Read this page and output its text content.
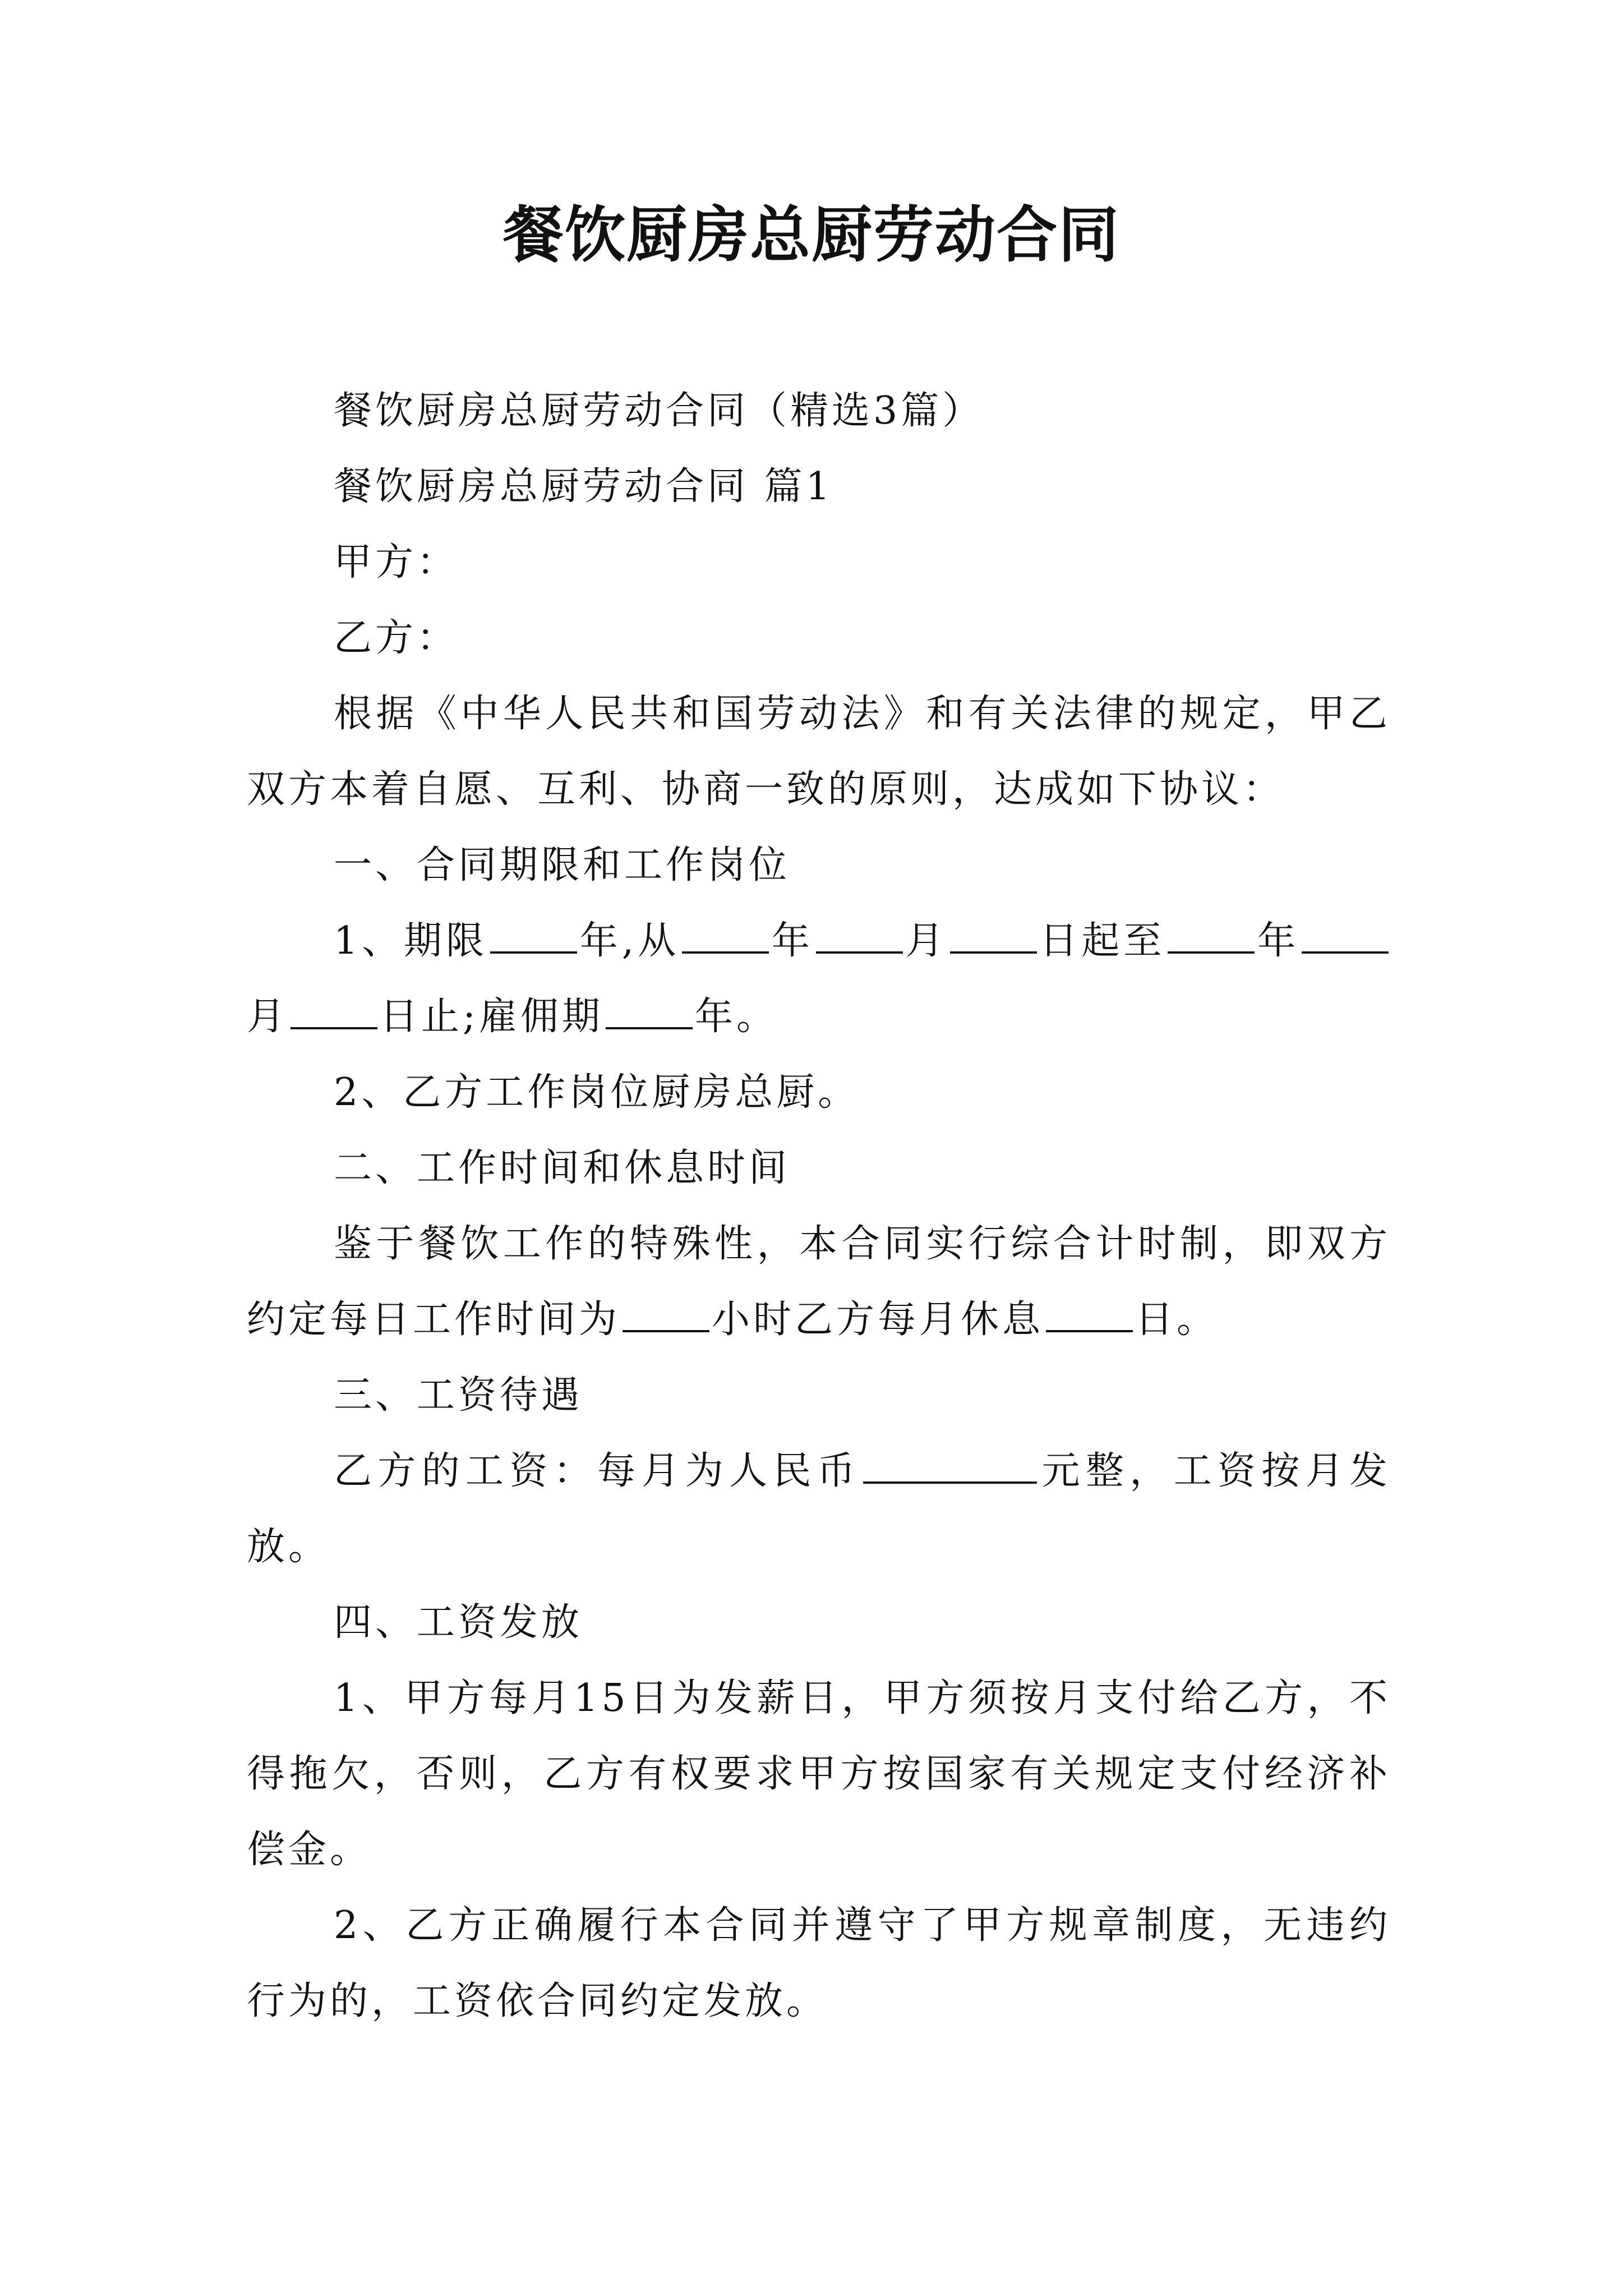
餐饮厨房总厨劳动合同

餐饮厨房总厨劳动合同（精选3篇）

餐饮厨房总厨劳动合同 篇1

甲方：

乙方：

根据《中华人民共和国劳动法》和有关法律的规定，甲乙双方本着自愿、互利、协商一致的原则，达成如下协议：

一、合同期限和工作岗位

1、期限 年,从 年 月 日起至 年月 日止;雇佣期 年。

2、乙方工作岗位厨房总厨。

二、工作时间和休息时间

鉴于餐饮工作的特殊性，本合同实行综合计时制，即双方约定每日工作时间为 小时乙方每月休息 日。

三、工资待遇

乙方的工资：每月为人民币	元整，工资按月发放。

四、工资发放

1、甲方每月15日为发薪日，甲方须按月支付给乙方，不得拖欠，否则，乙方有权要求甲方按国家有关规定支付经济补偿金。

2、乙方正确履行本合同并遵守了甲方规章制度，无违约行为的，工资依合同约定发放。
